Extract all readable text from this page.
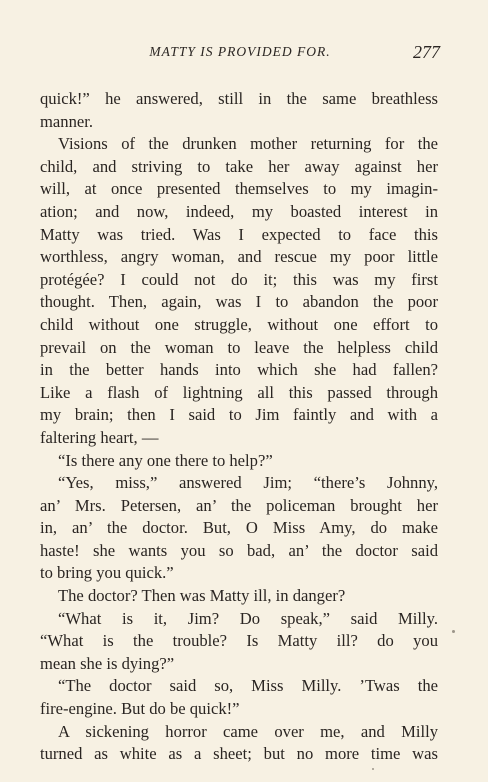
MATTY IS PROVIDED FOR.	277
quick!” he answered, still in the same breathless
manner.
Visions of the drunken mother returning for the
child, and striving to take her away against her
will, at once presented themselves to my imagin-
ation; and now, indeed, my boasted interest in
Matty was tried. Was I expected to face this
worthless, angry woman, and rescue my poor little
protégée? I could not do it; this was my first
thought. Then, again, was I to abandon the poor
child without one struggle, without one effort to
prevail on the woman to leave the helpless child
in the better hands into which she had fallen?
Like a flash of lightning all this passed through
my brain; then I said to Jim faintly and with a
faltering heart, —
“Is there any one there to help?”
“Yes, miss,” answered Jim; “there’s Johnny,
an’ Mrs. Petersen, an’ the policeman brought her
in, an’ the doctor. But, O Miss Amy, do make
haste! she wants you so bad, an’ the doctor said
to bring you quick.”
The doctor? Then was Matty ill, in danger?
“What is it, Jim? Do speak,” said Milly.
“What is the trouble? Is Matty ill? do you
mean she is dying?”
“The doctor said so, Miss Milly. ’Twas the
fire-engine. But do be quick!”
A sickening horror came over me, and Milly
turned as white as a sheet; but no more time was
